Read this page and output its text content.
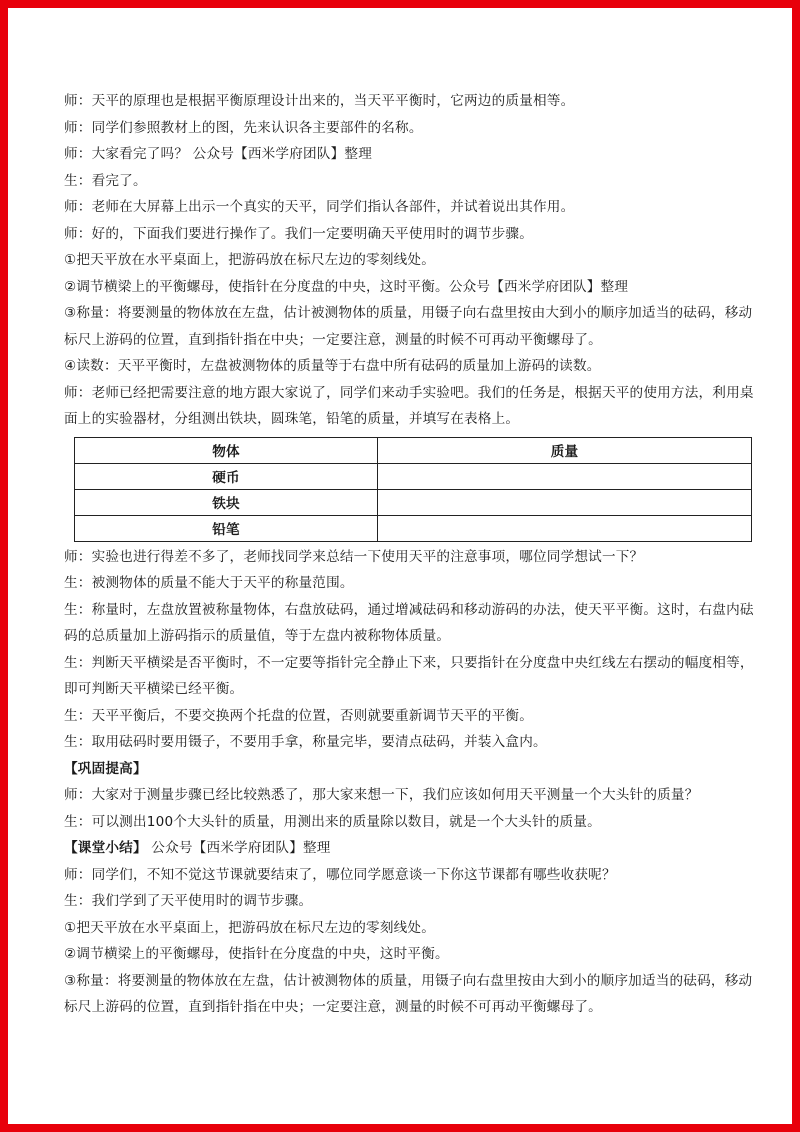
师：天平的原理也是根据平衡原理设计出来的，当天平平衡时，它两边的质量相等。

师：同学们参照教材上的图，先来认识各主要部件的名称。

师：大家看完了吗？ 公众号【西米学府团队】整理

生：看完了。

师：老师在大屏幕上出示一个真实的天平，同学们指认各部件，并试着说出其作用。

师：好的，下面我们要进行操作了。我们一定要明确天平使用时的调节步骤。

①把天平放在水平桌面上，把游码放在标尺左边的零刻线处。

②调节横梁上的平衡螺母，使指针在分度盘的中央，这时平衡。公众号【西米学府团队】整理

③称量：将要测量的物体放在左盘，估计被测物体的质量，用镊子向右盘里按由大到小的顺序加适当的砝码，移动标尺上游码的位置，直到指针指在中央；一定要注意，测量的时候不可再动平衡螺母了。

④读数：天平平衡时，左盘被测物体的质量等于右盘中所有砝码的质量加上游码的读数。

师：老师已经把需要注意的地方跟大家说了，同学们来动手实验吧。我们的任务是，根据天平的使用方法，利用桌面上的实验器材，分组测出铁块，圆珠笔，铅笔的质量，并填写在表格上。

物体	质量
硬币	
铁块	
铅笔	

师：实验也进行得差不多了，老师找同学来总结一下使用天平的注意事项，哪位同学想试一下？

生：被测物体的质量不能大于天平的称量范围。

生：称量时，左盘放置被称量物体，右盘放砝码，通过增减砝码和移动游码的办法，使天平平衡。这时，右盘内砝码的总质量加上游码指示的质量值，等于左盘内被称物体质量。

生：判断天平横梁是否平衡时，不一定要等指针完全静止下来，只要指针在分度盘中央红线左右摆动的幅度相等，即可判断天平横梁已经平衡。

生：天平平衡后，不要交换两个托盘的位置，否则就要重新调节天平的平衡。

生：取用砝码时要用镊子，不要用手拿，称量完毕，要清点砝码，并装入盒内。

【巩固提高】

师：大家对于测量步骤已经比较熟悉了，那大家来想一下，我们应该如何用天平测量一个大头针的质量？

生：可以测出100个大头针的质量，用测出来的质量除以数目，就是一个大头针的质量。

【课堂小结】 公众号【西米学府团队】整理

师：同学们，不知不觉这节课就要结束了，哪位同学愿意谈一下你这节课都有哪些收获呢？

生：我们学到了天平使用时的调节步骤。

①把天平放在水平桌面上，把游码放在标尺左边的零刻线处。

②调节横梁上的平衡螺母，使指针在分度盘的中央，这时平衡。

③称量：将要测量的物体放在左盘，估计被测物体的质量，用镊子向右盘里按由大到小的顺序加适当的砝码，移动标尺上游码的位置，直到指针指在中央；一定要注意，测量的时候不可再动平衡螺母了。
